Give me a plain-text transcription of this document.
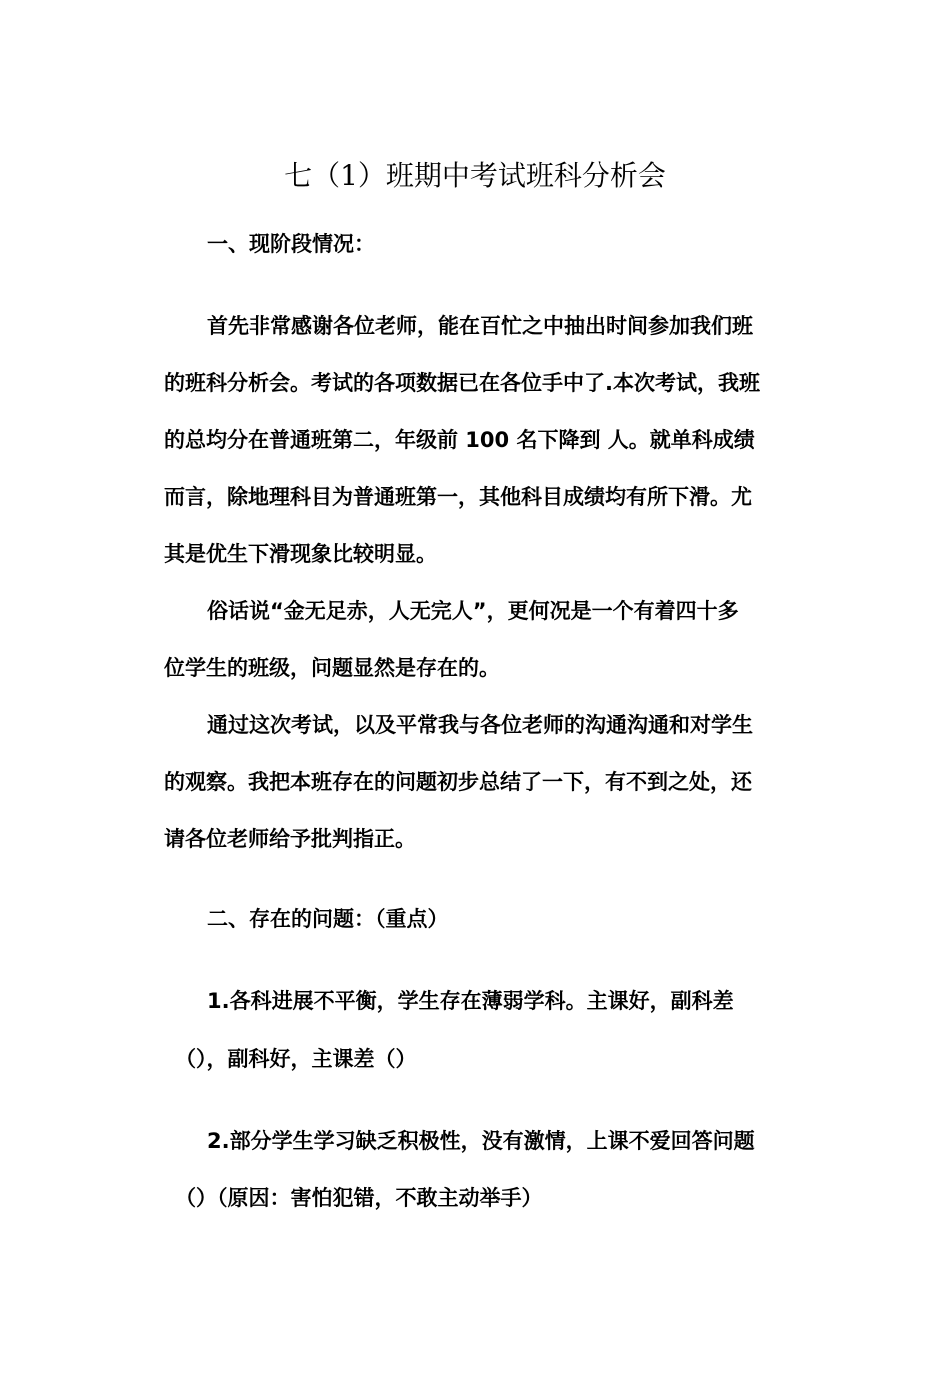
七（1）班期中考试班科分析会

一、现阶段情况：

首先非常感谢各位老师，能在百忙之中抽出时间参加我们班

的班科分析会。考试的各项数据已在各位手中了.本次考试，我班

的总均分在普通班第二，年级前 100 名下降到 人。就单科成绩

而言，除地理科目为普通班第一，其他科目成绩均有所下滑。尤

其是优生下滑现象比较明显。

俗话说“金无足赤，人无完人”，更何况是一个有着四十多

位学生的班级，问题显然是存在的。

通过这次考试，以及平常我与各位老师的沟通沟通和对学生

的观察。我把本班存在的问题初步总结了一下，有不到之处，还

请各位老师给予批判指正。

二、存在的问题：（重点）

1.各科进展不平衡，学生存在薄弱学科。主课好，副科差

（），副科好，主课差（）

2.部分学生学习缺乏积极性，没有激情，上课不爱回答问题

（）（原因：害怕犯错，不敢主动举手）
